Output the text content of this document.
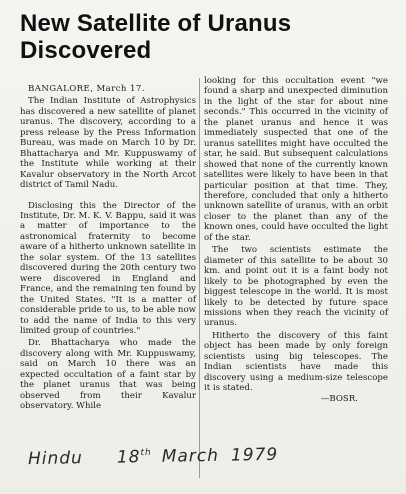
New Satellite of Uranus Discovered

BANGALORE, March 17.

The Indian Institute of Astrophysics has discovered a new satellite of planet uranus. The discovery, according to a press release by the Press Information Bureau, was made on March 10 by Dr. Bhattacharya and Mr. Kuppuswamy of the Institute while working at their Kavalur observatory in the North Arcot district of Tamil Nadu.

Disclosing this the Director of the Institute, Dr. M. K. V. Bappu, said it was a matter of importance to the astronomical fraternity to become aware of a hitherto unknown satellite in the solar system. Of the 13 satellites discovered during the 20th century two were discovered in England and France, and the remaining ten found by the United States. "It is a matter of considerable pride to us, to be able now to add the name of India to this very limited group of countries."

Dr. Bhattacharya who made the discovery along with Mr. Kuppuswamy, said on March 10 there was an expected occultation of a faint star by the planet uranus that was being observed from their Kavalur observatory. While

looking for this occultation event "we found a sharp and unexpected diminution in the light of the star for about nine seconds." This occurred in the vicinity of the planet uranus and hence it was immediately suspected that one of the uranus satellites might have occulted the star, he said. But subsequent calculations showed that none of the currently known satellites were likely to have been in that particular position at that time. They, therefore, concluded that only a hitherto unknown satellite of uranus, with an orbit closer to the planet than any of the known ones, could have occulted the light of the star.

The two scientists estimate the diameter of this satellite to be about 30 km. and point out it is a faint body not likely to be photographed by even the biggest telescope in the world. It is most likely to be detected by future space missions when they reach the vicinity of uranus.

Hitherto the discovery of this faint object has been made by only foreign scientists using big telescopes. The Indian scientists have made this discovery using a medium-size telescope it is stated.

—BOSR.
Hindu 18th March 1979
